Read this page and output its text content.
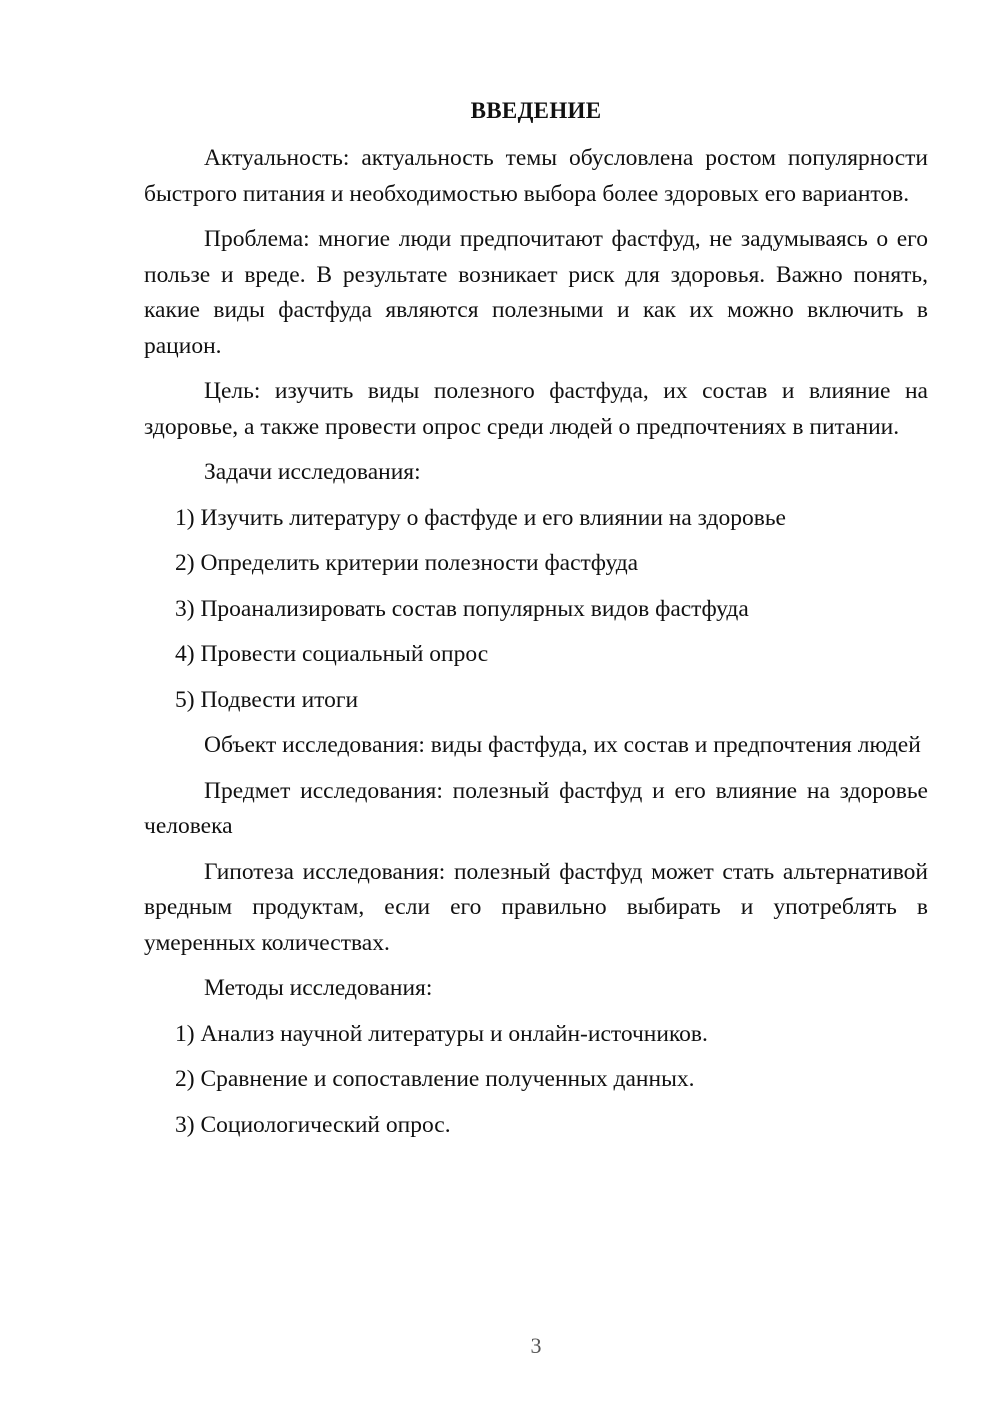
ВВЕДЕНИЕ

Актуальность: актуальность темы обусловлена ростом популярности быстрого питания и необходимостью выбора более здоровых его вариантов.

Проблема: многие люди предпочитают фастфуд, не задумываясь о его пользе и вреде. В результате возникает риск для здоровья. Важно понять, какие виды фастфуда являются полезными и как их можно включить в рацион.

Цель: изучить виды полезного фастфуда, их состав и влияние на здоровье, а также провести опрос среди людей о предпочтениях в питании.

Задачи исследования:

1) Изучить литературу о фастфуде и его влиянии на здоровье
2) Определить критерии полезности фастфуда
3) Проанализировать состав популярных видов фастфуда
4) Провести социальный опрос
5) Подвести итоги

Объект исследования: виды фастфуда, их состав и предпочтения людей

Предмет исследования: полезный фастфуд и его влияние на здоровье человека

Гипотеза исследования: полезный фастфуд может стать альтернативой вредным продуктам, если его правильно выбирать и употреблять в умеренных количествах.

Методы исследования:

1) Анализ научной литературы и онлайн-источников.
2) Сравнение и сопоставление полученных данных.
3) Социологический опрос.
3
